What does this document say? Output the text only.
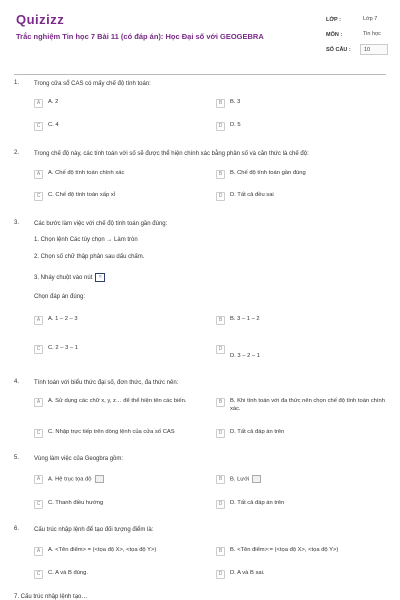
Quizizz
Trắc nghiệm Tin học 7 Bài 11 (có đáp án): Học Đại số với GEOGEBRA
LỚP :	Lớp 7
MÔN :	Tin học
SỐ CÂU :	10
1. Trong cửa sổ CAS có mấy chế độ tính toán:
A	A. 2	B	B. 3
C	C. 4	D	D. 5
2. Trong chế độ này, các tính toán với số sẽ được thể hiện chính xác bằng phân số và căn thức là chế độ:
A	A. Chế độ tính toán chính xác	B	B. Chế độ tính toán gần đúng
C	C. Chế độ tính toán xấp xỉ	D	D. Tất cả đều sai
3. Các bước làm việc với chế độ tính toán gần đúng:
1. Chọn lệnh Các tùy chọn → Làm tròn
2. Chọn số chữ thập phân sau dấu chấm.
3. Nháy chuột vào nút ≈
Chọn đáp án đúng:
A	A. 1 – 2 – 3	B	B. 3 – 1 – 2
C	C. 2 – 3 – 1	D
D. 3 – 2 – 1
4. Tính toán với biểu thức đại số, đơn thức, đa thức nên:
A	A. Sử dụng các chữ x, y, z… để thể hiện tên các biến.	B	B. Khi tính toán với đa thức nên chọn chế độ tính toán chính xác.
C	C. Nhập trực tiếp trên dòng lệnh của cửa số CAS	D	D. Tất cả đáp án trên
5. Vùng làm việc của Geogbra gồm:
A	A. Hệ trục tọa độ	B	B. Lưới
C	C. Thanh điều hướng	D	D. Tất cả đáp án trên
6. Cấu trúc nhập lệnh để tạo đối tượng điểm là:
A	A. <Tên điểm> = (<tọa độ X>, <tọa độ Y>)	B	B. <Tên điểm>:= (<tọa độ X>, <tọa độ Y>)
C	C. A và B đúng.	D	D. A và B sai.
7. Cấu trúc nhập lệnh tạo…
